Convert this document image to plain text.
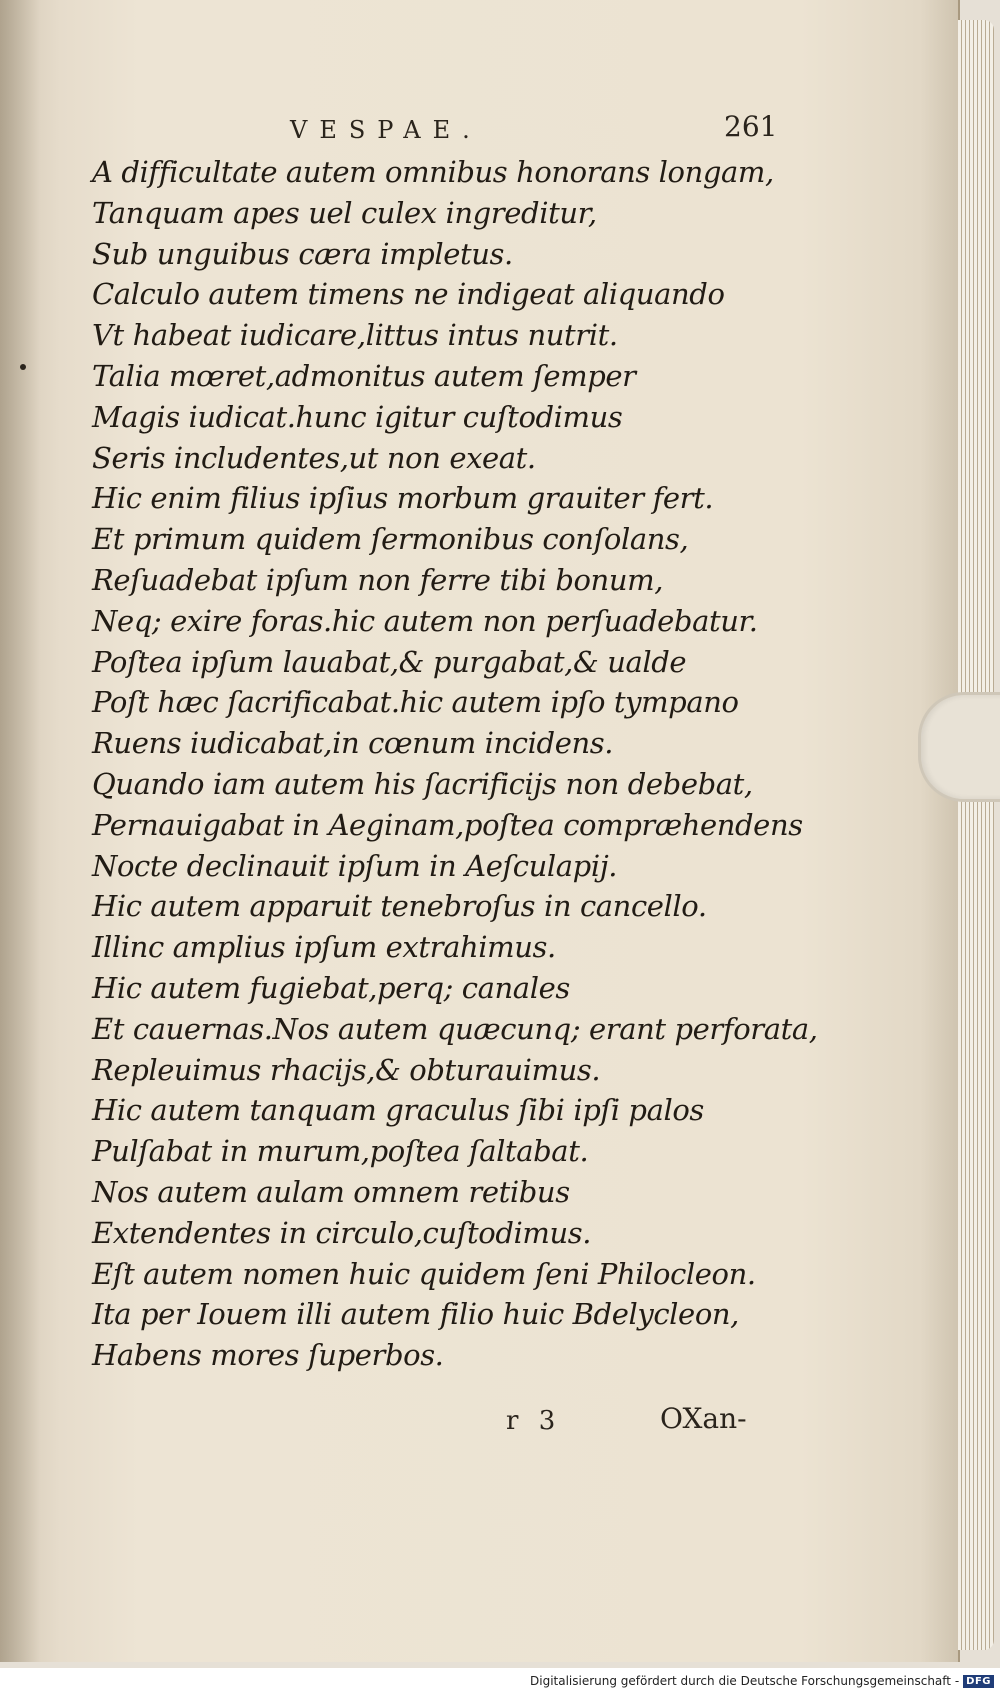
VESPAE.	261
A difficultate autem omnibus honorans longam,
Tanquam apes uel culex ingreditur,
Sub unguibus cæra impletus.
Calculo autem timens ne indigeat aliquando
Vt habeat iudicare,littus intus nutrit.
Talia mœret,admonitus autem ſemper
Magis iudicat.hunc igitur cuſtodimus
Seris includentes,ut non exeat.
Hic enim filius ipſius morbum grauiter fert.
Et primum quidem ſermonibus conſolans,
Reſuadebat ipſum non ferre tibi bonum,
Neq; exire foras.hic autem non perſuadebatur.
Poſtea ipſum lauabat,& purgabat,& ualde
Poſt hæc ſacrificabat.hic autem ipſo tympano
Ruens iudicabat,in cœnum incidens.
Quando iam autem his ſacrificijs non debebat,
Pernauigabat in Aeginam,poſtea compræhendens
Nocte declinauit ipſum in Aeſculapij.
Hic autem apparuit tenebroſus in cancello.
Illinc amplius ipſum extrahimus.
Hic autem fugiebat,perq; canales
Et cauernas.Nos autem quæcunq; erant perforata,
Repleuimus rhacijs,& obturauimus.
Hic autem tanquam graculus ſibi ipſi palos
Pulſabat in murum,poſtea ſaltabat.
Nos autem aulam omnem retibus
Extendentes in circulo,cuſtodimus.
Eſt autem nomen huic quidem ſeni Philocleon.
Ita per Iouem illi autem filio huic Bdelycleon,
Habens mores ſuperbos.
r 3	OXan-
Digitalisierung gefördert durch die Deutsche Forschungsgemeinschaft - DFG
